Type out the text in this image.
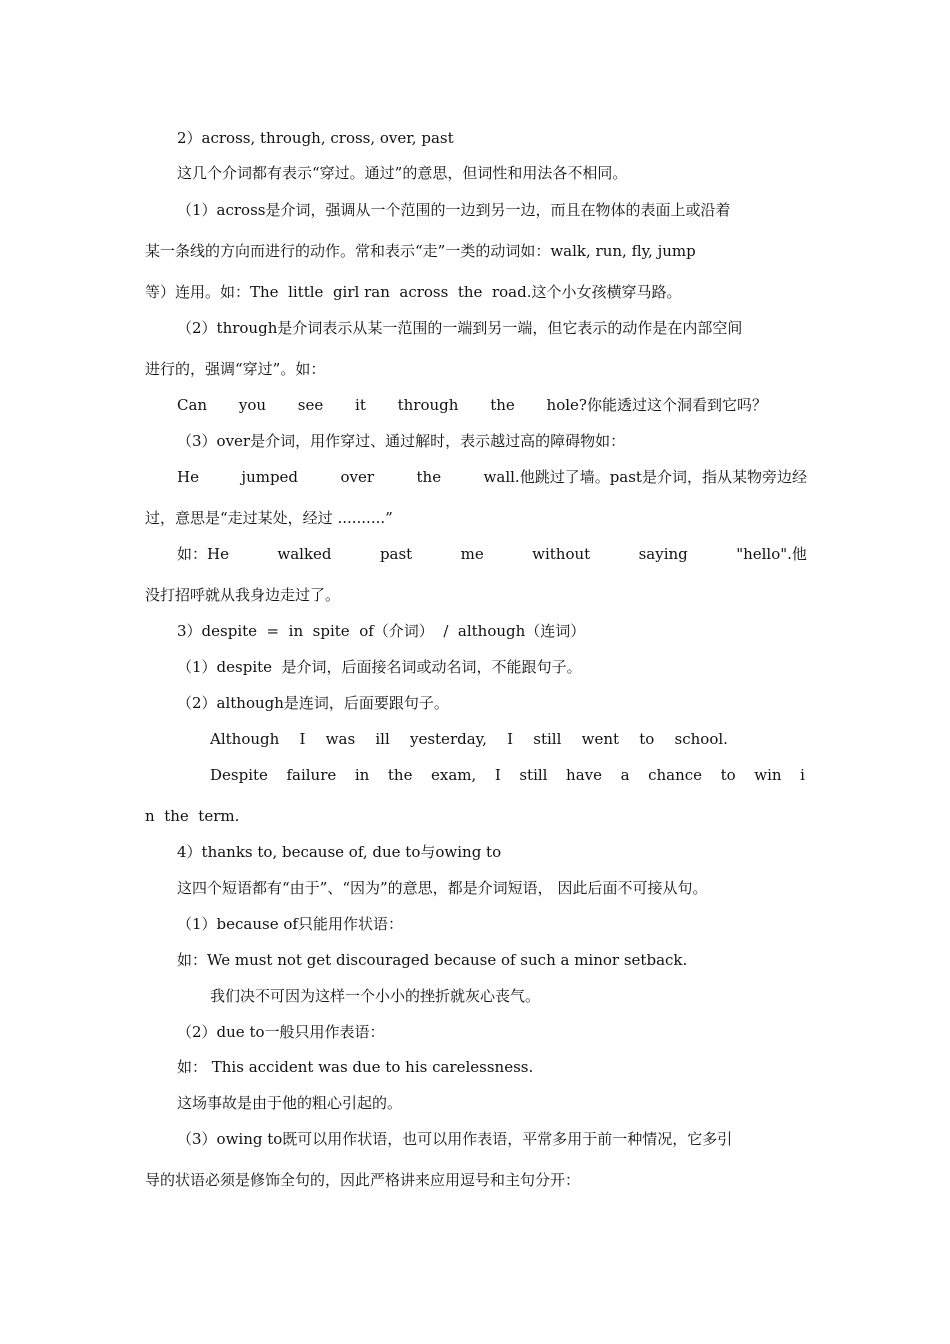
2）across, through, cross, over, past
这几个介词都有表示“穿过。通过”的意思，但词性和用法各不相同。
（1）across是介词，强调从一个范围的一边到另一边，而且在物体的表面上或沿着
某一条线的方向而进行的动作。常和表示“走”一类的动词如：walk, run, fly, jump
等）连用。如：The  little  girl ran  across  the  road.这个小女孩横穿马路。
（2）through是介词表示从某一范围的一端到另一端，但它表示的动作是在内部空间
进行的，强调“穿过”。如：
Can you see it through the hole?你能透过这个洞看到它吗？
（3）over是介词，用作穿过、通过解时，表示越过高的障碍物如：
He	jumped	over	the	wall.他跳过了墙。past是介词，指从某物旁边经
过，意思是“走过某处，经过 ..........”
如：He	walked	past	me	without	saying	"hello".他
没打招呼就从我身边走过了。
3）despite  =  in  spite  of（介词）  /  although（连词）
（1）despite  是介词，后面接名词或动名词，不能跟句子。
（2）although是连词，后面要跟句子。
Although I was ill yesterday, I still went to school.
Despite failure in the exam, I still have a chance to win i
n  the  term.
4）thanks to, because of, due to与owing to
这四个短语都有“由于”、“因为”的意思，都是介词短语， 因此后面不可接从句。
（1）because of只能用作状语：
如：We must not get discouraged because of such a minor setback.
我们决不可因为这样一个小小的挫折就灰心丧气。
（2）due to一般只用作表语：
如： This accident was due to his carelessness.
这场事故是由于他的粗心引起的。
（3）owing to既可以用作状语，也可以用作表语，平常多用于前一种情况，它多引
导的状语必须是修饰全句的，因此严格讲来应用逗号和主句分开：
